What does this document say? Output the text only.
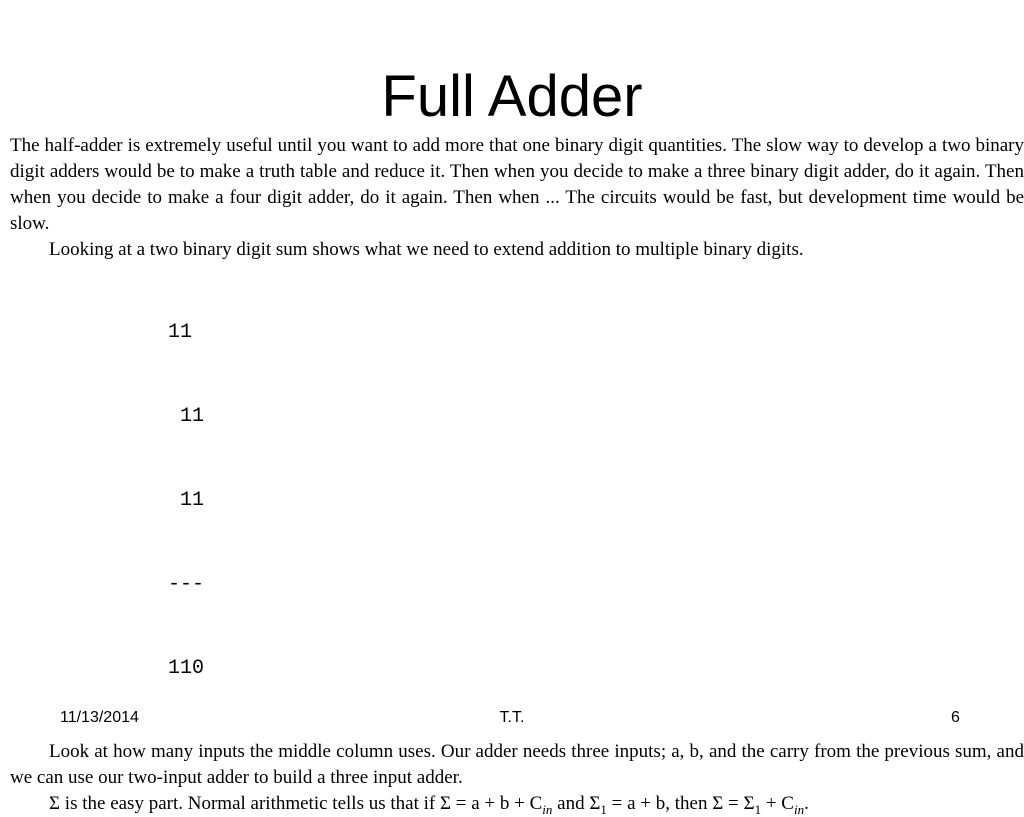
Full Adder

The half-adder is extremely useful until you want to add more that one binary digit quantities. The slow way to develop a two binary digit adders would be to make a truth table and reduce it. Then when you decide to make a three binary digit adder, do it again. Then when you decide to make a four digit adder, do it again. Then when ... The circuits would be fast, but development time would be slow.

Looking at a two binary digit sum shows what we need to extend addition to multiple binary digits.

11

11

11

---

110

Look at how many inputs the middle column uses. Our adder needs three inputs; a, b, and the carry from the previous sum, and we can use our two-input adder to build a three input adder.

Σ is the easy part. Normal arithmetic tells us that if $\Sigma = a + b + C_{in}$ and $\Sigma_1 = a + b$, then $\Sigma = \Sigma_1 + C_{in}$.

11/13/2014	T.T.	6
